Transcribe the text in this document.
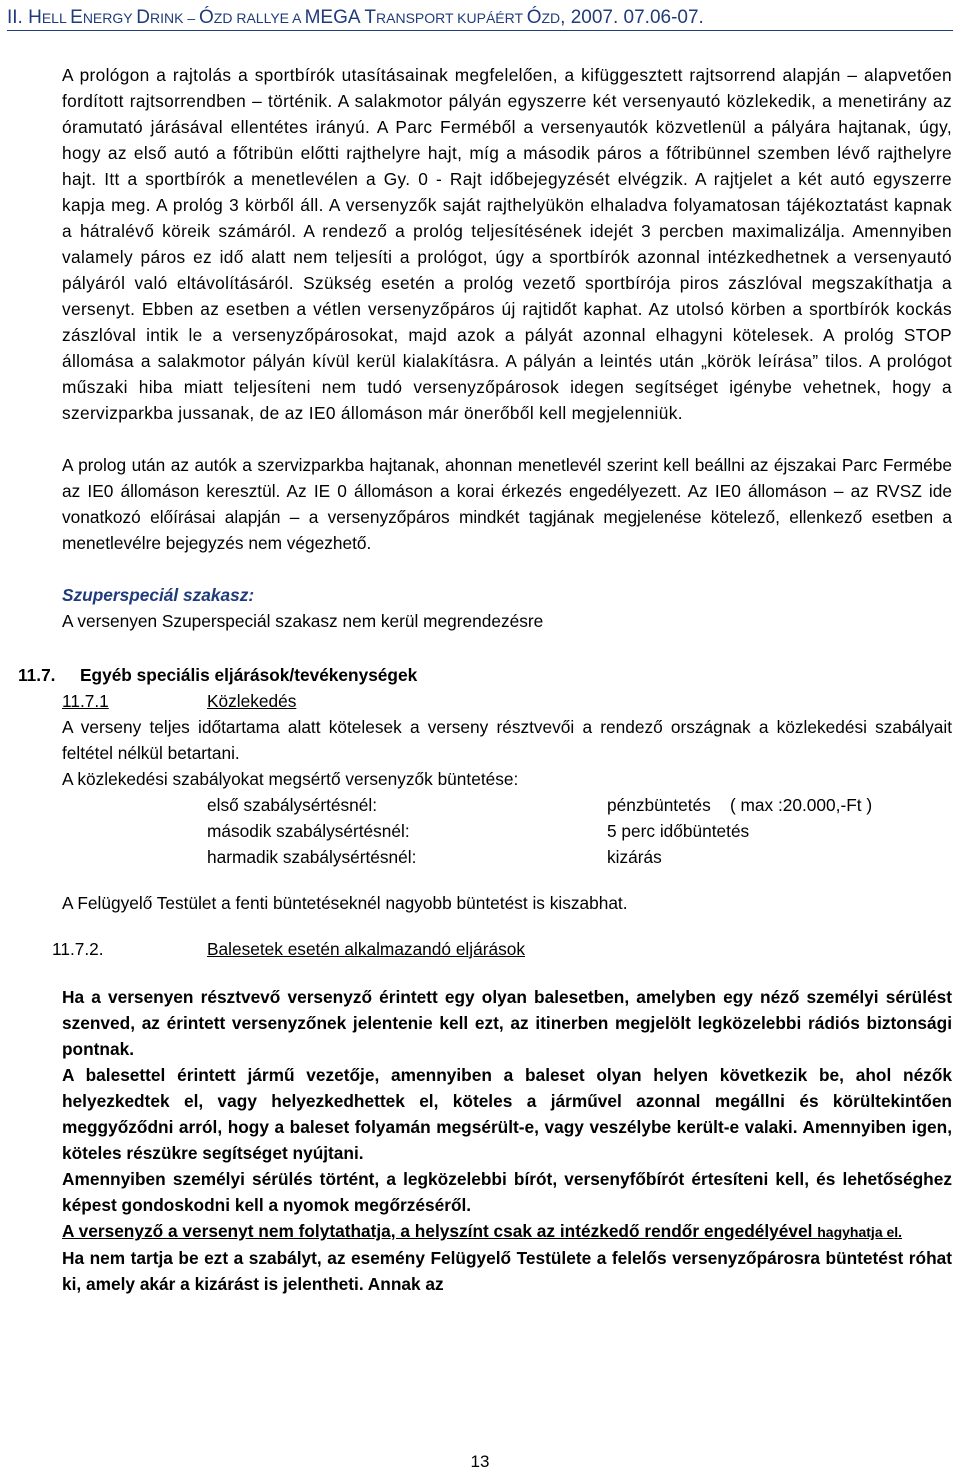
II. HELL ENERGY DRINK – ÓZD RALLYE A MEGA TRANSPORT KUPÁÉRT ÓZD, 2007. 07.06-07.

A prológon a rajtolás a sportbírók utasításainak megfelelően, a kifüggesztett rajtsorrend alapján – alapvetően fordított rajtsorrendben – történik. A salakmotor pályán egyszerre két versenyautó közlekedik, a menetirány az óramutató járásával ellentétes irányú. A Parc Ferméből a versenyautók közvetlenül a pályára hajtanak, úgy, hogy az első autó a főtribün előtti rajthelyre hajt, míg a második páros a főtribünnel szemben lévő rajthelyre hajt. Itt a sportbírók a menetlevélen a Gy. 0 - Rajt időbejegyzését elvégzik. A rajtjelet a két autó egyszerre kapja meg. A prológ 3 körből áll. A versenyzők saját rajthelyükön elhaladva folyamatosan tájékoztatást kapnak a hátralévő köreik számáról. A rendező a prológ teljesítésének idejét 3 percben maximalizálja. Amennyiben valamely páros ez idő alatt nem teljesíti a prológot, úgy a sportbírók azonnal intézkedhetnek a versenyautó pályáról való eltávolításáról. Szükség esetén a prológ vezető sportbírója piros zászlóval megszakíthatja a versenyt. Ebben az esetben a vétlen versenyzőpáros új rajtidőt kaphat. Az utolsó körben a sportbírók kockás zászlóval intik le a versenyzőpárosokat, majd azok a pályát azonnal elhagyni kötelesek. A prológ STOP állomása a salakmotor pályán kívül kerül kialakításra. A pályán a leintés után „körök leírása” tilos. A prológot műszaki hiba miatt teljesíteni nem tudó versenyzőpárosok idegen segítséget igénybe vehetnek, hogy a szervizparkba jussanak, de az IE0 állomáson már önerőből kell megjelenniük.

A prolog után az autók a szervizparkba hajtanak, ahonnan menetlevél szerint kell beállni az éjszakai Parc Fermébe az IE0 állomáson keresztül. Az IE 0 állomáson a korai érkezés engedélyezett. Az IE0 állomáson – az RVSZ ide vonatkozó előírásai alapján – a versenyzőpáros mindkét tagjának megjelenése kötelező, ellenkező esetben a menetlevélre bejegyzés nem végezhető.

Szuperspeciál szakasz:

A versenyen Szuperspeciál szakasz nem kerül megrendezésre

11.7. Egyéb speciális eljárások/tevékenységek
11.7.1	Közlekedés

A verseny teljes időtartama alatt kötelesek a verseny résztvevői a rendező országnak a közlekedési szabályait feltétel nélkül betartani.

A közlekedési szabályokat megsértő versenyzők büntetése:

első szabálysértésnél:	pénzbüntetés    ( max :20.000,-Ft )
második szabálysértésnél:	5 perc időbüntetés
harmadik szabálysértésnél:	kizárás

A Felügyelő Testület a fenti büntetéseknél nagyobb büntetést is kiszabhat.

11.7.2.	Balesetek esetén alkalmazandó eljárások

Ha a versenyen résztvevő versenyző érintett egy olyan balesetben, amelyben egy néző személyi sérülést szenved, az érintett versenyzőnek jelentenie kell ezt, az itinerben megjelölt legközelebbi rádiós biztonsági pontnak.

A balesettel érintett jármű vezetője, amennyiben a baleset olyan helyen következik be, ahol nézők helyezkedtek el, vagy helyezkedhettek el, köteles a járművel azonnal megállni és körültekintően meggyőződni arról, hogy a baleset folyamán megsérült-e, vagy veszélybe került-e valaki. Amennyiben igen, köteles részükre segítséget nyújtani.

Amennyiben személyi sérülés történt, a legközelebbi bírót, versenyfőbírót értesíteni kell, és lehetőséghez képest gondoskodni kell a nyomok megőrzéséről.

A versenyző a versenyt nem folytathatja, a helyszínt csak az intézkedő rendőr engedélyével hagyhatja el.

Ha nem tartja be ezt a szabályt, az esemény Felügyelő Testülete a felelős versenyzőpárosra büntetést róhat ki, amely akár a kizárást is jelentheti. Annak az

13
